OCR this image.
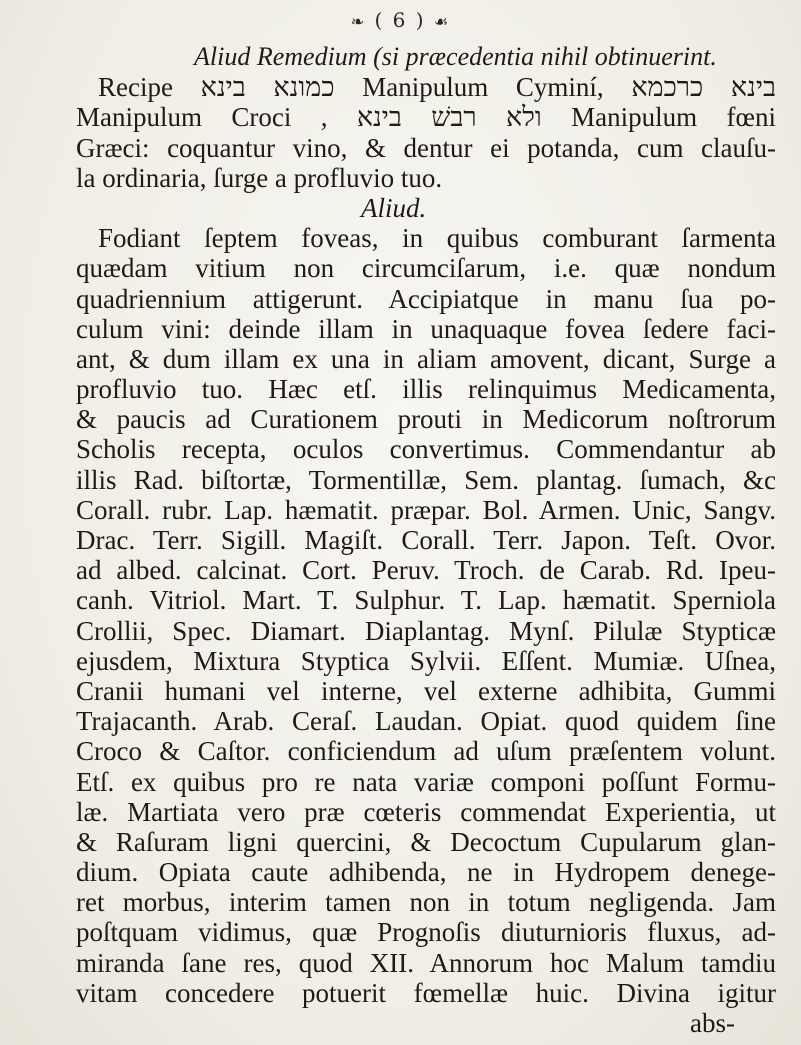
❧ ( 6 ) ☙
Aliud Remedium (si præcedentia nihil obtinuerint.
Recipe כמונא בינא Manipulum Cyminí, בינא כרכמא
Manipulum Croci , ולא רבשׁ בינא Manipulum fœni
Græci: coquantur vino, & dentur ei potanda, cum clauſu-
la ordinaria, ſurge a profluvio tuo.
Aliud.
Fodiant ſeptem foveas, in quibus comburant ſarmenta
quædam vitium non circumciſarum, i.e. quæ nondum
quadriennium attigerunt. Accipiatque in manu ſua po-
culum vini: deinde illam in unaquaque fovea ſedere faci-
ant, & dum illam ex una in aliam amovent, dicant, Surge a
profluvio tuo. Hæc etſ. illis relinquimus Medicamenta,
& paucis ad Curationem prouti in Medicorum noſtrorum
Scholis recepta, oculos convertimus. Commendantur ab
illis Rad. biſtortæ, Tormentillæ, Sem. plantag. ſumach, &c
Corall. rubr. Lap. hæmatit. præpar. Bol. Armen. Unic, Sangv.
Drac. Terr. Sigill. Magiſt. Corall. Terr. Japon. Teſt. Ovor.
ad albed. calcinat. Cort. Peruv. Troch. de Carab. Rd. Ipeu-
canh. Vitriol. Mart. T. Sulphur. T. Lap. hæmatit. Sperniola
Crollii, Spec. Diamart. Diaplantag. Mynſ. Pilulæ Stypticæ
ejusdem, Mixtura Styptica Sylvii. Eſſent. Mumiæ. Uſnea,
Cranii humani vel interne, vel externe adhibita, Gummi
Trajacanth. Arab. Ceraſ. Laudan. Opiat. quod quidem ſine
Croco & Caſtor. conficiendum ad uſum præſentem volunt.
Etſ. ex quibus pro re nata variæ componi poſſunt Formu-
læ. Martiata vero præ cœteris commendat Experientia, ut
& Raſuram ligni quercini, & Decoctum Cupularum glan-
dium. Opiata caute adhibenda, ne in Hydropem denege-
ret morbus, interim tamen non in totum negligenda. Jam
poſtquam vidimus, quæ Prognoſis diuturnioris fluxus, ad-
miranda ſane res, quod XII. Annorum hoc Malum tamdiu
vitam concedere potuerit fœmellæ huic. Divina igitur
abs-
